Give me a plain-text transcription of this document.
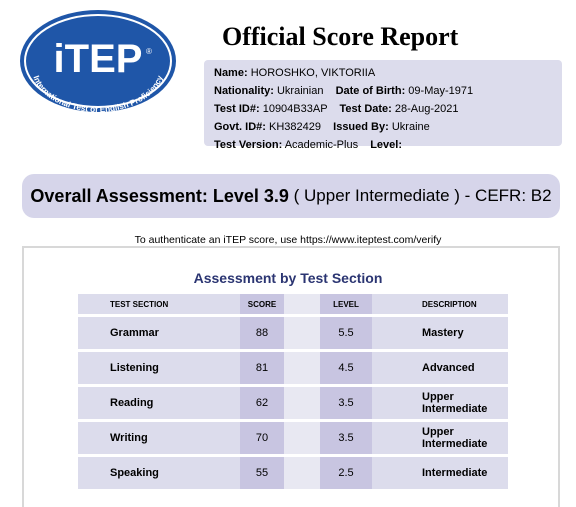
iTEP ®
International Test of English Proficiency
Official Score Report
Name: HOROSHKO, VIKTORIIA
Nationality: Ukrainian Date of Birth: 09-May-1971
Test ID#: 10904B33AP Test Date: 28-Aug-2021
Govt. ID#: KH382429 Issued By: Ukraine
Test Version: Academic-Plus Level:
Overall Assessment: Level 3.9
( Upper Intermediate )
- CEFR: B2
To authenticate an iTEP score, use https://www.iteptest.com/verify
Assessment by Test Section
TEST SECTION	SCORE		LEVEL	DESCRIPTION
Grammar	88		5.5	Mastery
Listening	81		4.5	Advanced
Reading	62		3.5	Upper Intermediate
Writing	70		3.5	Upper Intermediate
Speaking	55		2.5	Intermediate
